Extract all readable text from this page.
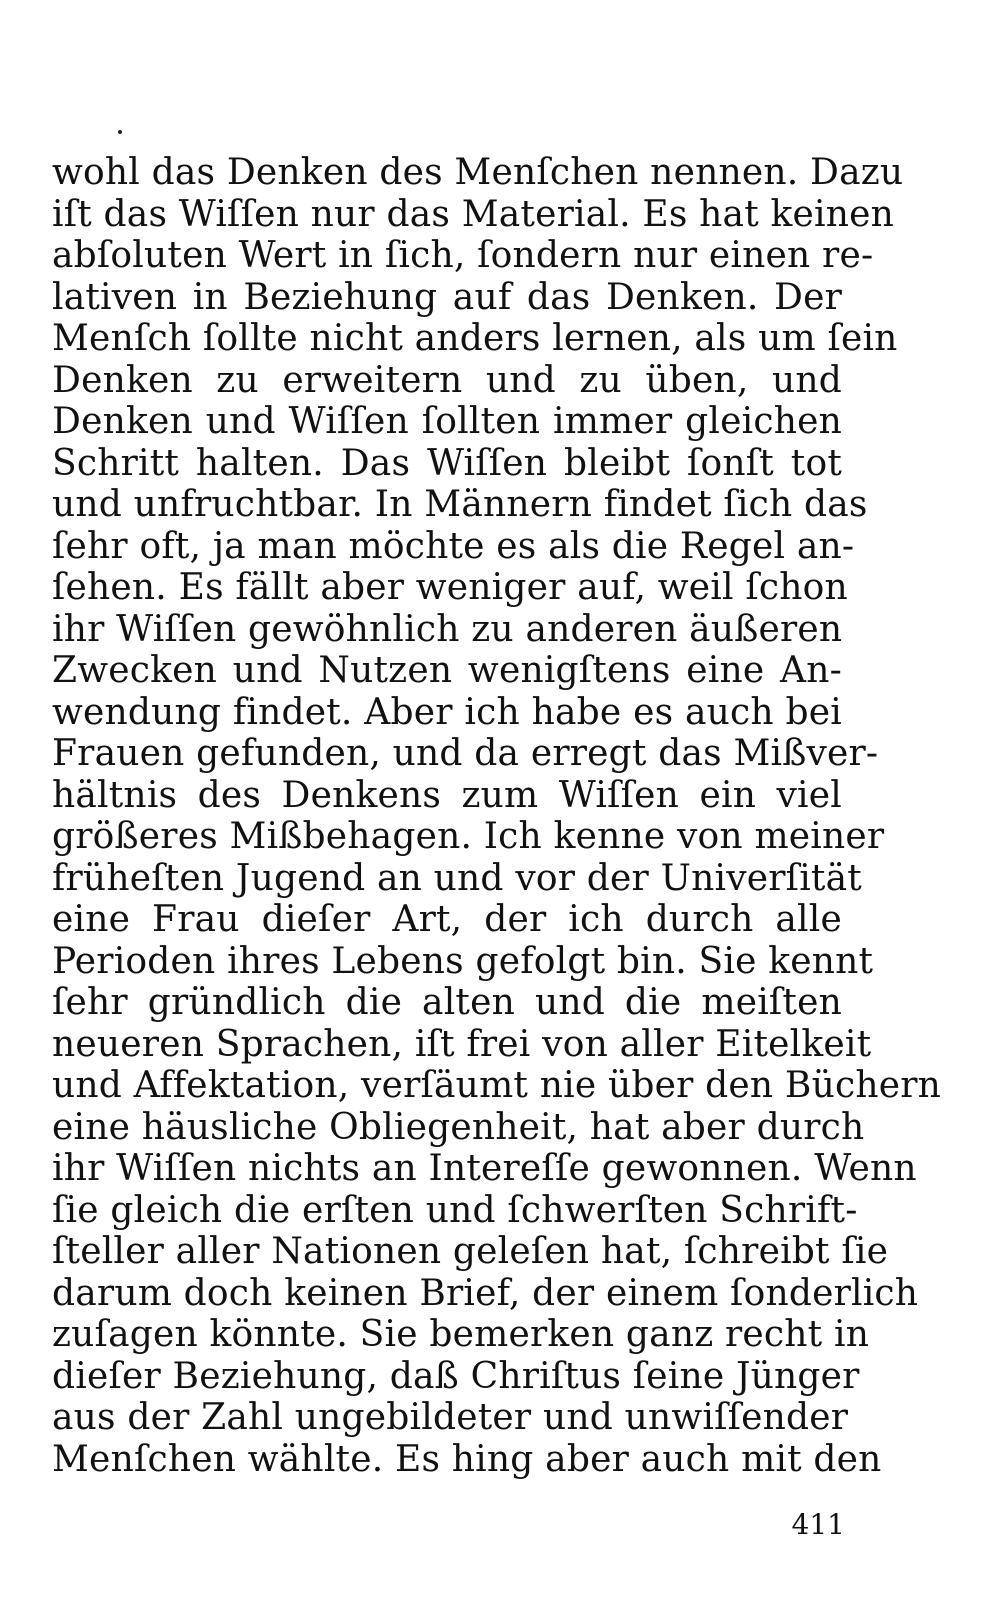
wohl das Denken des Menſchen nennen. Dazu
iſt das Wiſſen nur das Material. Es hat keinen
abſoluten Wert in ſich, ſondern nur einen re-
lativen in Beziehung auf das Denken. Der
Menſch ſollte nicht anders lernen, als um ſein
Denken zu erweitern und zu üben, und
Denken und Wiſſen ſollten immer gleichen
Schritt halten. Das Wiſſen bleibt ſonſt tot
und unfruchtbar. In Männern findet ſich das
ſehr oft, ja man möchte es als die Regel an-
ſehen. Es fällt aber weniger auf, weil ſchon
ihr Wiſſen gewöhnlich zu anderen äußeren
Zwecken und Nutzen wenigſtens eine An-
wendung findet. Aber ich habe es auch bei
Frauen gefunden, und da erregt das Mißver-
hältnis des Denkens zum Wiſſen ein viel
größeres Mißbehagen. Ich kenne von meiner
früheſten Jugend an und vor der Univerſität
eine Frau dieſer Art, der ich durch alle
Perioden ihres Lebens gefolgt bin. Sie kennt
ſehr gründlich die alten und die meiſten
neueren Sprachen, iſt frei von aller Eitelkeit
und Affektation, verſäumt nie über den Büchern
eine häusliche Obliegenheit, hat aber durch
ihr Wiſſen nichts an Intereſſe gewonnen. Wenn
ſie gleich die erſten und ſchwerſten Schrift-
ſteller aller Nationen geleſen hat, ſchreibt ſie
darum doch keinen Brief, der einem ſonderlich
zuſagen könnte. Sie bemerken ganz recht in
dieſer Beziehung, daß Chriſtus ſeine Jünger
aus der Zahl ungebildeter und unwiſſender
Menſchen wählte. Es hing aber auch mit den
411
